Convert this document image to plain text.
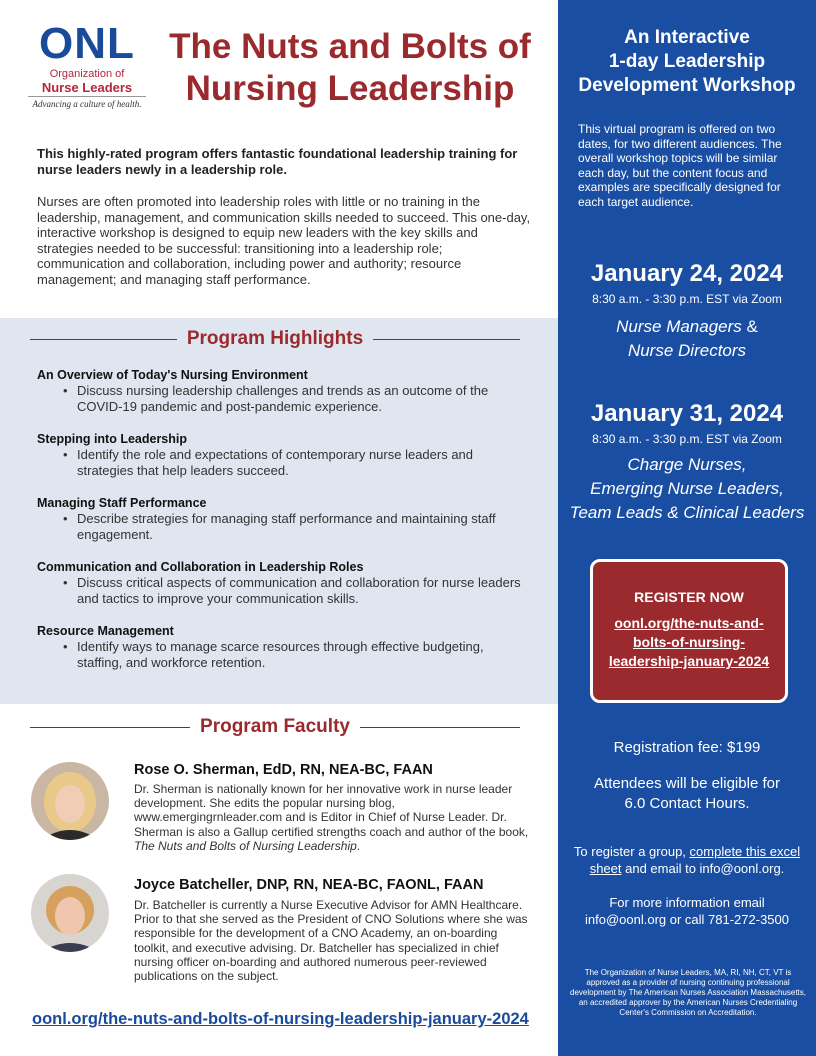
ONL
Organization of
Nurse Leaders
Advancing a culture of health.
The Nuts and Bolts of
Nursing Leadership

This highly-rated program offers fantastic foundational leadership training for nurse leaders newly in a leadership role.

Nurses are often promoted into leadership roles with little or no training in the leadership, management, and communication skills needed to succeed. This one-day, interactive workshop is designed to equip new leaders with the key skills and strategies needed to be successful: transitioning into a leadership role; communication and collaboration, including power and authority; resource management; and managing staff performance.

Program Highlights
An Overview of Today's Nursing Environment
• Discuss nursing leadership challenges and trends as an outcome of the COVID-19 pandemic and post-pandemic experience.
Stepping into Leadership
• Identify the role and expectations of contemporary nurse leaders and strategies that help leaders succeed.
Managing Staff Performance
• Describe strategies for managing staff performance and maintaining staff engagement.
Communication and Collaboration in Leadership Roles
• Discuss critical aspects of communication and collaboration for nurse leaders and tactics to improve your communication skills.
Resource Management
• Identify ways to manage scarce resources through effective budgeting, staffing, and workforce retention.
Program Faculty
Rose O. Sherman, EdD, RN, NEA-BC, FAAN
Dr. Sherman is nationally known for her innovative work in nurse leader development. She edits the popular nursing blog, www.emergingrnleader.com and is Editor in Chief of Nurse Leader. Dr. Sherman is also a Gallup certified strengths coach and author of the book, The Nuts and Bolts of Nursing Leadership.
Joyce Batcheller, DNP, RN, NEA-BC, FAONL, FAAN
Dr. Batcheller is currently a Nurse Executive Advisor for AMN Healthcare. Prior to that she served as the President of CNO Solutions where she was responsible for the development of a CNO Academy, an on-boarding toolkit, and executive advising. Dr. Batcheller has specialized in chief nursing officer on-boarding and authored numerous peer-reviewed publications on the subject.
oonl.org/the-nuts-and-bolts-of-nursing-leadership-january-2024
An Interactive
1-day Leadership
Development Workshop

This virtual program is offered on two dates, for two different audiences. The overall workshop topics will be similar each day, but the content focus and examples are specifically designed for each target audience.

January 24, 2024
8:30 a.m. - 3:30 p.m. EST via Zoom
Nurse Managers &
Nurse Directors
January 31, 2024
8:30 a.m. - 3:30 p.m. EST via Zoom
Charge Nurses,
Emerging Nurse Leaders,
Team Leads & Clinical Leaders
REGISTER NOW
oonl.org/the-nuts-and-
bolts-of-nursing-
leadership-january-2024
Registration fee: $199
Attendees will be eligible for
6.0 Contact Hours.
To register a group, complete this excel sheet and email to info@oonl.org.
For more information email
info@oonl.org or call 781-272-3500

The Organization of Nurse Leaders, MA, RI, NH, CT, VT is approved as a provider of nursing continuing professional development by The American Nurses Association Massachusetts, an accredited approver by the American Nurses Credentialing Center's Commission on Accreditation.
